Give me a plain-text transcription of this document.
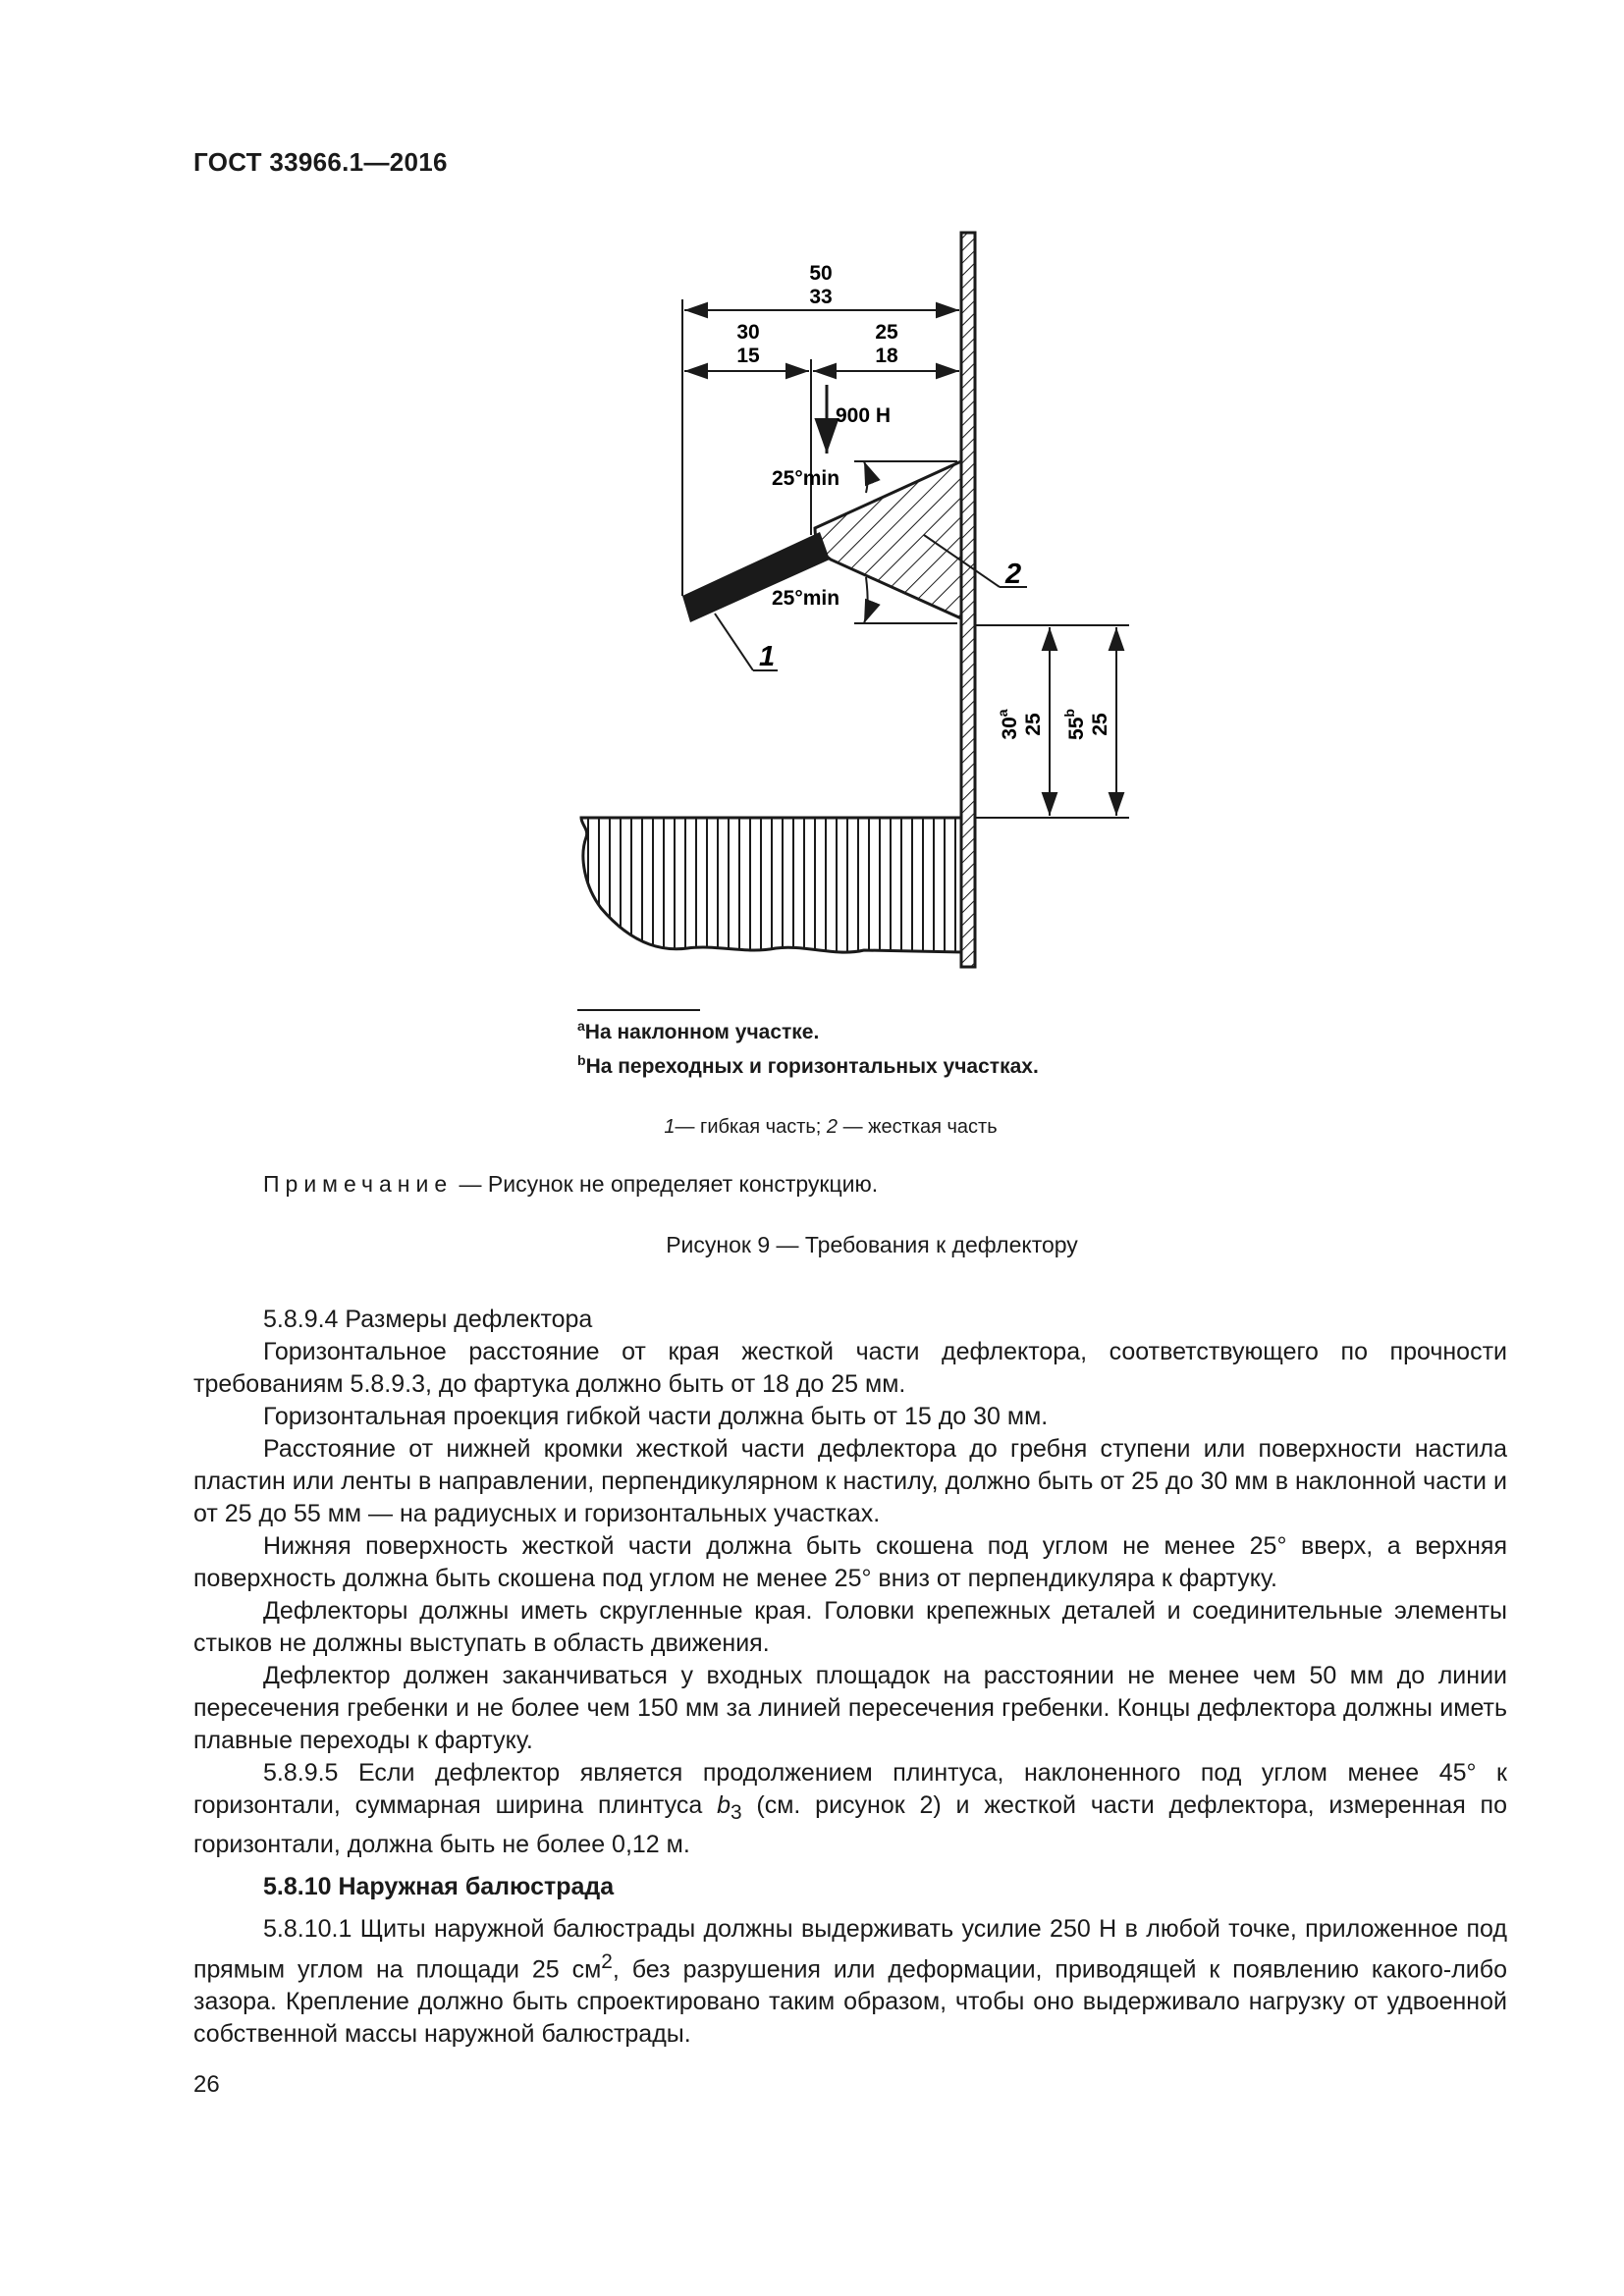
ГОСТ 33966.1—2016
50
33
30
15
25
18
900 Н
25°min
25°min
1
2
30$^a$ 25 55$^b$ 25
$^a$На наклонном участке.
$^b$На переходных и горизонтальных участках.
1— гибкая часть; 2 — жесткая часть
Примечание — Рисунок не определяет конструкцию.
Рисунок 9 — Требования к дефлектору

5.8.9.4 Размеры дефлектора

Горизонтальное расстояние от края жесткой части дефлектора, соответствующего по прочности требованиям 5.8.9.3, до фартука должно быть от 18 до 25 мм.

Горизонтальная проекция гибкой части должна быть от 15 до 30 мм.

Расстояние от нижней кромки жесткой части дефлектора до гребня ступени или поверхности настила пластин или ленты в направлении, перпендикулярном к настилу, должно быть от 25 до 30 мм в наклонной части и от 25 до 55 мм — на радиусных и горизонтальных участках.

Нижняя поверхность жесткой части должна быть скошена под углом не менее 25° вверх, а верхняя поверхность должна быть скошена под углом не менее 25° вниз от перпендикуляра к фартуку.

Дефлекторы должны иметь скругленные края. Головки крепежных деталей и соединительные элементы стыков не должны выступать в область движения.

Дефлектор должен заканчиваться у входных площадок на расстоянии не менее чем 50 мм до линии пересечения гребенки и не более чем 150 мм за линией пересечения гребенки. Концы дефлектора должны иметь плавные переходы к фартуку.

5.8.9.5 Если дефлектор является продолжением плинтуса, наклоненного под углом менее 45° к горизонтали, суммарная ширина плинтуса $b_3$ (см. рисунок 2) и жесткой части дефлектора, измеренная по горизонтали, должна быть не более 0,12 м.

5.8.10 Наружная балюстрада

5.8.10.1 Щиты наружной балюстрады должны выдерживать усилие 250 Н в любой точке, приложенное под прямым углом на площади 25 $см^2$, без разрушения или деформации, приводящей к появлению какого-либо зазора. Крепление должно быть спроектировано таким образом, чтобы оно выдерживало нагрузку от удвоенной собственной массы наружной балюстрады.

26
